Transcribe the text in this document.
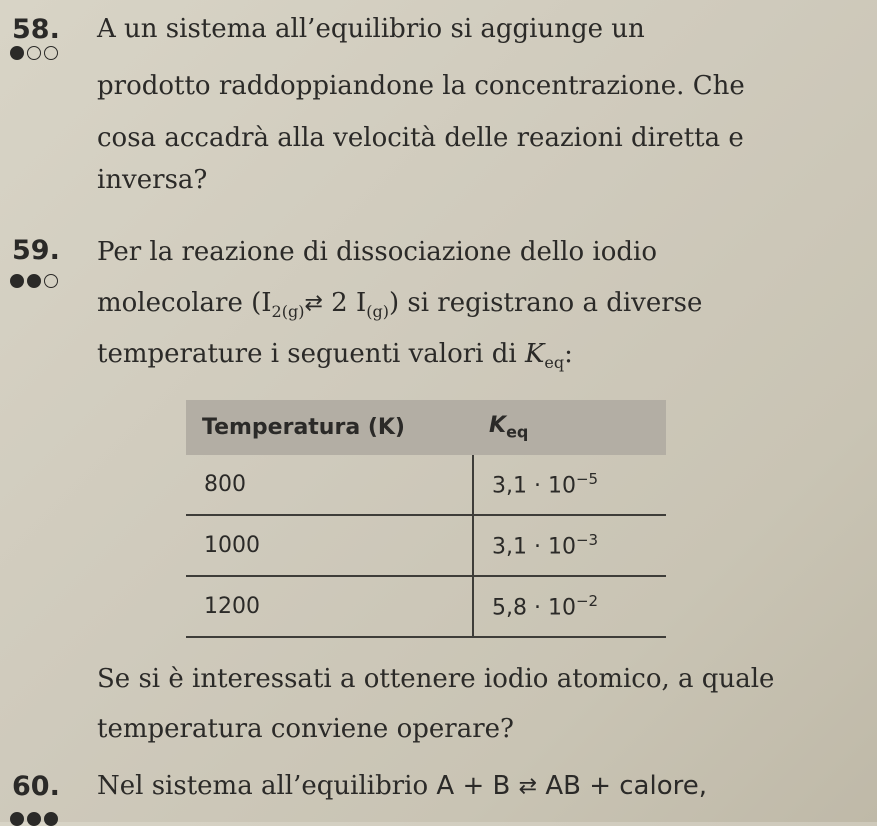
58. A un sistema all’equilibrio si aggiunge un
prodotto raddoppiandone la concentrazione. Che
cosa accadrà alla velocità delle reazioni diretta e
inversa?
59. Per la reazione di dissociazione dello iodio
molecolare ($I_{2(g)}⇄$ 2 $I_{(g)}$) si registrano a diverse
temperature i seguenti valori di $K_{eq}$:
Temperatura (K)	$K_{eq}$
800	$3,1 \cdot 10^{-5}$
1000	$3,1 \cdot 10^{-3}$
1200	$5,8 \cdot 10^{-2}$
Se si è interessati a ottenere iodio atomico, a quale
temperatura conviene operare?
60. Nel sistema all’equilibrio A + B ⇄ AB + calore,
